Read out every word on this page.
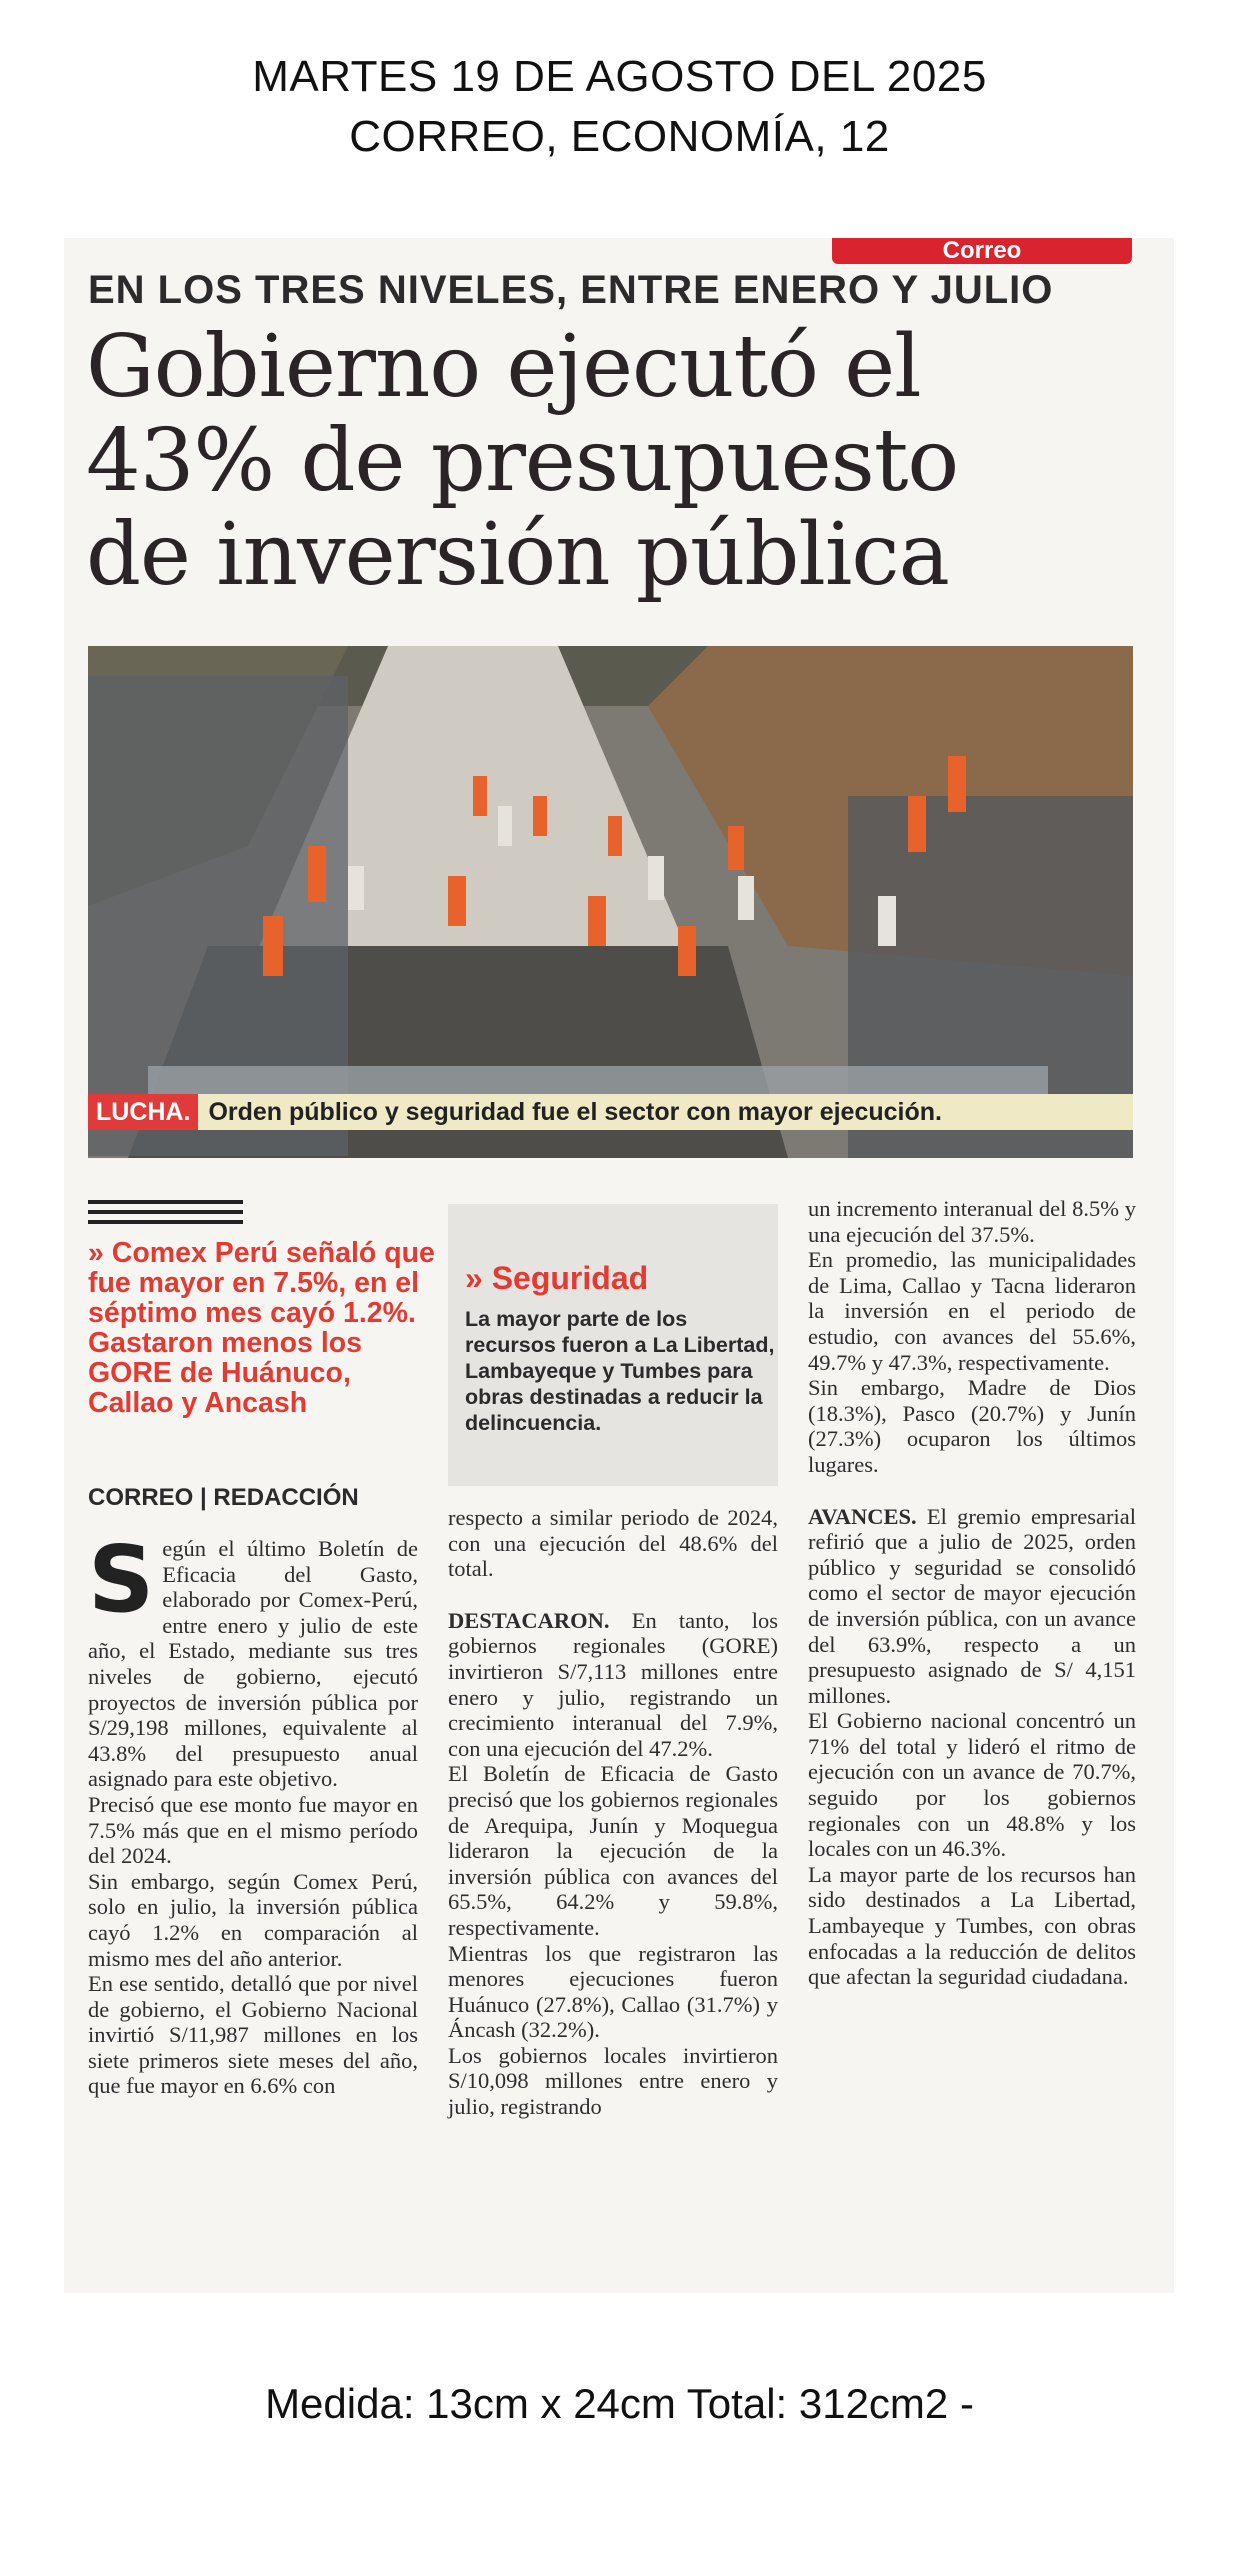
MARTES 19 DE AGOSTO DEL 2025
CORREO, ECONOMÍA, 12
Correo
EN LOS TRES NIVELES, ENTRE ENERO Y JULIO
Gobierno ejecutó el
43% de presupuesto
de inversión pública
LUCHA. Orden público y seguridad fue el sector con mayor ejecución.
» Comex Perú señaló que fue mayor en 7.5%, en el séptimo mes cayó 1.2%. Gastaron menos los GORE de Huánuco, Callao y Ancash
CORREO | REDACCIÓN
» Seguridad
La mayor parte de los recursos fueron a La Libertad, Lambayeque y Tumbes para obras destinadas a reducir la delincuencia.

Según el último Boletín de Eficacia del Gasto, elaborado por Comex-Perú, entre enero y julio de este año, el Estado, mediante sus tres niveles de gobierno, ejecutó proyectos de inversión pública por S/29,198 millones, equivalente al 43.8% del presupuesto anual asignado para este objetivo.

Precisó que ese monto fue mayor en 7.5% más que en el mismo período del 2024.

Sin embargo, según Comex Perú, solo en julio, la inversión pública cayó 1.2% en comparación al mismo mes del año anterior.

En ese sentido, detalló que por nivel de gobierno, el Gobierno Nacional invirtió S/11,987 millones en los siete primeros siete meses del año, que fue mayor en 6.6% con

respecto a similar periodo de 2024, con una ejecución del 48.6% del total.

DESTACARON. En tanto, los gobiernos regionales (GORE) invirtieron S/7,113 millones entre enero y julio, registrando un crecimiento interanual del 7.9%, con una ejecución del 47.2%.

El Boletín de Eficacia de Gasto precisó que los gobiernos regionales de Arequipa, Junín y Moquegua lideraron la ejecución de la inversión pública con avances del 65.5%, 64.2% y 59.8%, respectivamente.

Mientras los que registraron las menores ejecuciones fueron Huánuco (27.8%), Callao (31.7%) y Áncash (32.2%).

Los gobiernos locales invirtieron S/10,098 millones entre enero y julio, registrando

un incremento interanual del 8.5% y una ejecución del 37.5%.

En promedio, las municipalidades de Lima, Callao y Tacna lideraron la inversión en el periodo de estudio, con avances del 55.6%, 49.7% y 47.3%, respectivamente.

Sin embargo, Madre de Dios (18.3%), Pasco (20.7%) y Junín (27.3%) ocuparon los últimos lugares.

AVANCES. El gremio empresarial refirió que a julio de 2025, orden público y seguridad se consolidó como el sector de mayor ejecución de inversión pública, con un avance del 63.9%, respecto a un presupuesto asignado de S/ 4,151 millones.

El Gobierno nacional concentró un 71% del total y lideró el ritmo de ejecución con un avance de 70.7%, seguido por los gobiernos regionales con un 48.8% y los locales con un 46.3%.

La mayor parte de los recursos han sido destinados a La Libertad, Lambayeque y Tumbes, con obras enfocadas a la reducción de delitos que afectan la seguridad ciudadana.

Medida: 13cm x 24cm Total: 312cm2 -
